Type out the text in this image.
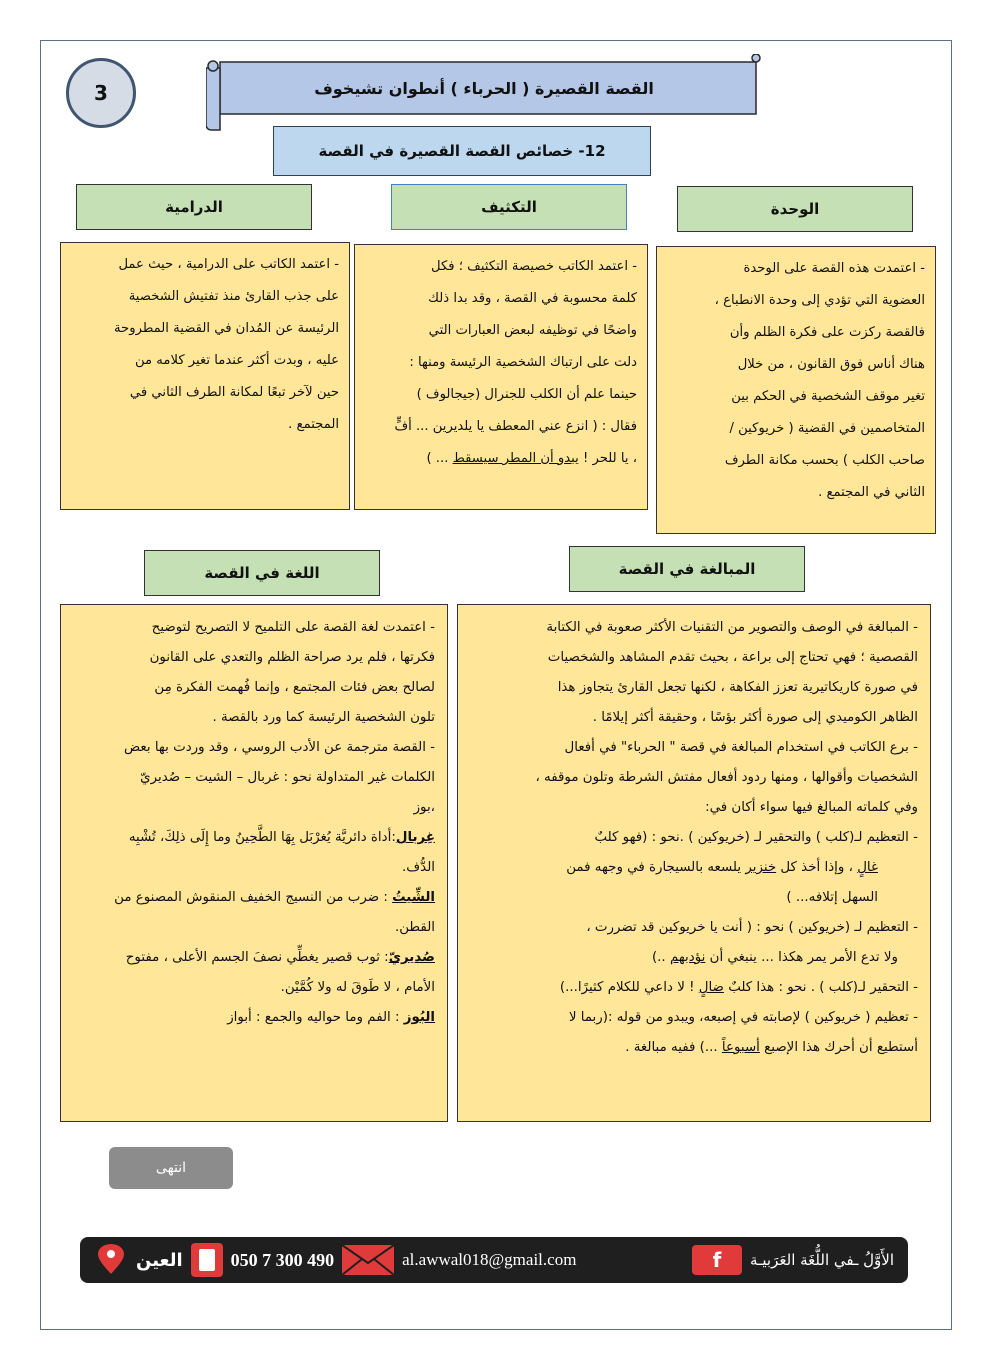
3	القصة القصيرة ( الحرباء ) أنطوان تشيخوف
12- خصائص القصة القصيرة في القصة
الوحدة
التكثيف
الدرامية
- اعتمدت هذه القصة على الوحدة
العضوية التي تؤدي إلى وحدة الانطباع ،
فالقصة ركزت على فكرة الظلم وأن
هناك أناس فوق القانون ، من خلال
تغير موقف الشخصية في الحكم بين
المتخاصمين في القضية ( خريوكين /
صاحب الكلب ) بحسب مكانة الطرف
الثاني في المجتمع .
- اعتمد الكاتب خصيصة التكثيف ؛ فكل
كلمة محسوبة في القصة ، وقد بدا ذلك
واضحًا في توظيفه لبعض العبارات التي
دلت على ارتباك الشخصية الرئيسة ومنها :
حينما علم أن الكلب للجنرال (جيجالوف )
فقال : ( انزع عني المعطف يا يلديرين ... أفٍّ
، يا للحر ! يبدو أن المطر سيسقط ... )
- اعتمد الكاتب على الدرامية ، حيث عمل
على جذب القارئ منذ تفتيش الشخصية
الرئيسة عن المُدان في القضية المطروحة
عليه ، وبدت أكثر عندما تغير كلامه من
حين لآخر تبعًا لمكانة الطرف الثاني في
المجتمع .
المبالغة في القصة
اللغة في القصة
- المبالغة في الوصف والتصوير من التقنيات الأكثر صعوبة في الكتابة
القصصية ؛ فهي تحتاج إلى براعة ، بحيث تقدم المشاهد والشخصيات
في صورة كاريكاتيرية تعزز الفكاهة ، لكنها تجعل القارئ يتجاوز هذا
الظاهر الكوميدي إلى صورة أكثر بؤسًا ، وحقيقة أكثر إيلامًا .
- برع الكاتب في استخدام المبالغة في قصة " الحرباء" في أفعال
الشخصيات وأقوالها ، ومنها ردود أفعال مفتش الشرطة وتلون موقفه ،
وفي كلماته المبالغ فيها سواء أكان في:
- التعظيم لـ(كلب ) والتحقير لـ (خريوكين ) .نحو : (فهو كلبٌ
غالٍ ، وإذا أخذ كل خنزير يلسعه بالسيجارة في وجهه فمن
السهل إتلافه... )
- التعظيم لـ (خريوكين ) نحو : ( أنت يا خريوكين قد تضررت ،
ولا تدع الأمر يمر هكذا ... ينبغي أن نؤدبهم ..)
- التحقير لـ(كلب ) . نحو : هذا كلبٌ ضالٍ ! لا داعي للكلام كثيرًا...)
- تعظيم ( خريوكين ) لإصابته في إصبعه، ويبدو من قوله :(ربما لا
أستطيع أن أحرك هذا الإصبع أسبوعاً ...) ففيه مبالغة .
- اعتمدت لغة القصة على التلميح لا التصريح لتوضيح
فكرتها ، فلم يرد صراحة الظلم والتعدي على القانون
لصالح بعض فئات المجتمع ، وإنما فُهمت الفكرة مِن
تلون الشخصية الرئيسة كما ورد بالقصة .
- القصة مترجمة عن الأدب الروسي ، وقد وردت بها بعض
الكلمات غير المتداولة نحو : غربال – الشيت – صُديريّ
،بوز
غِربال:أداة دائريَّة يُغرْبَل بِهَا الطَّحِينُ وما إِلَى ذلِكَ، تُشْبِه
الدُّف.
الشِّيتُ : ضرب من النسيج الخفيف المنقوش المصنوع من
القطن.
صُديريّ: ثوب قصير يغطِّي نصفَ الجسم الأعلى ، مفتوح
الأمام ، لا طَوقَ له ولا كُمَّيْن.
البُوز : الفم وما حواليه والجمع : أبواز
انتهى
العين	050 7 300 490	al.awwal018@gmail.com	f	الأَوَّلُ ـفي اللُّغَة العَرَبيـة
